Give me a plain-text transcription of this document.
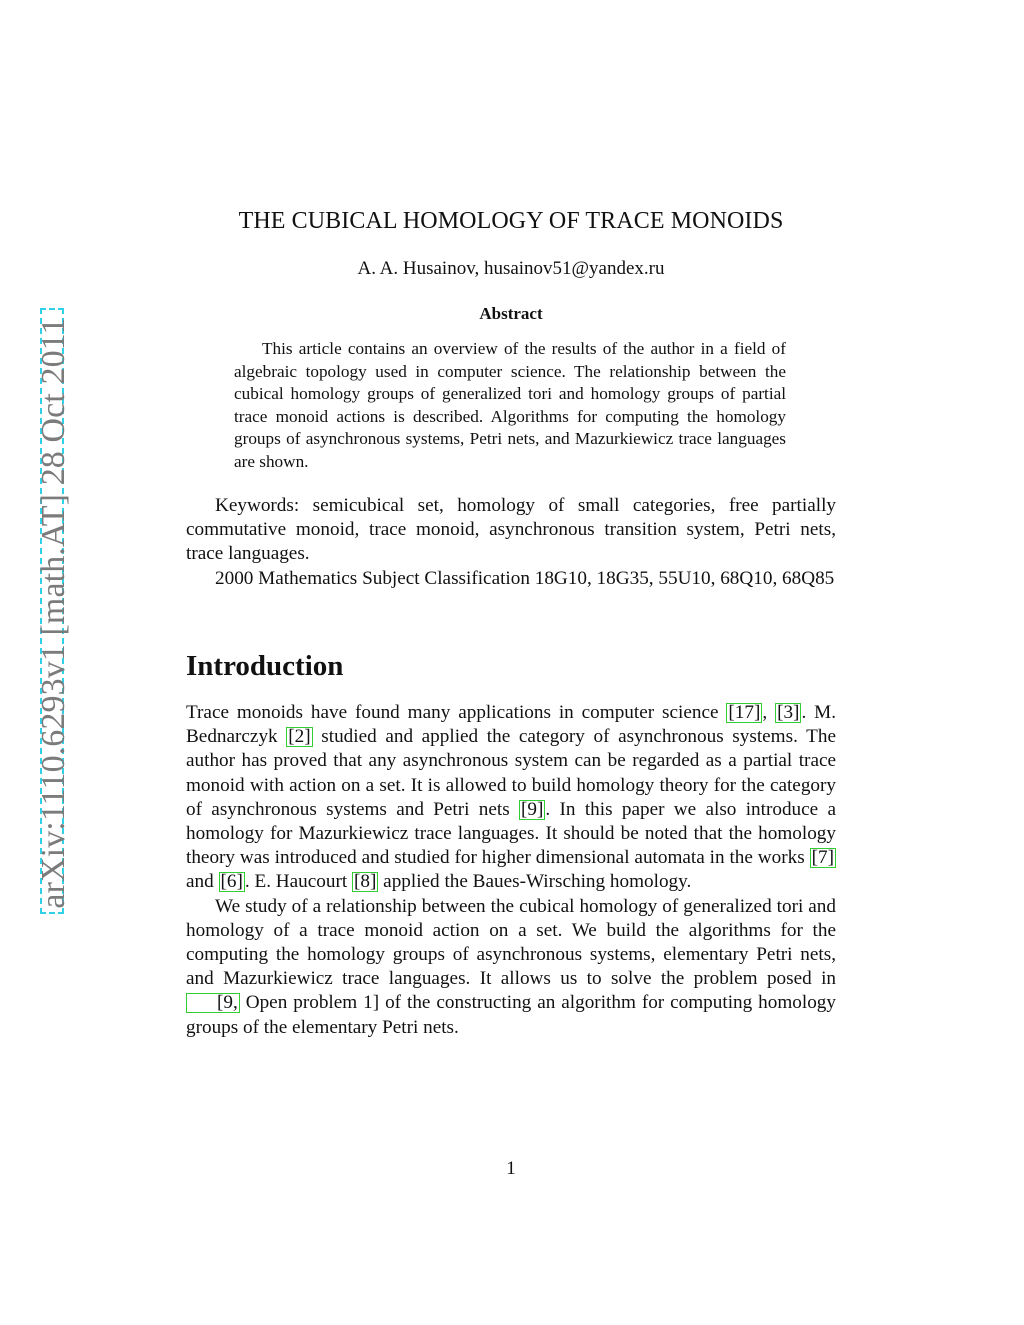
arXiv:1110.6293v1 [math.AT] 28 Oct 2011
THE CUBICAL HOMOLOGY OF TRACE MONOIDS
A. A. Husainov, husainov51@yandex.ru
Abstract
This article contains an overview of the results of the author in a field of algebraic topology used in computer science. The relationship between the cubical homology groups of generalized tori and homology groups of partial trace monoid actions is described. Algorithms for computing the homology groups of asynchronous systems, Petri nets, and Mazurkiewicz trace languages are shown.

Keywords: semicubical set, homology of small categories, free partially commutative monoid, trace monoid, asynchronous transition system, Petri nets, trace languages.

2000 Mathematics Subject Classification 18G10, 18G35, 55U10, 68Q10, 68Q85

Introduction

Trace monoids have found many applications in computer science [17] , [3] . M. Bednarczyk [2] studied and applied the category of asynchronous systems. The author has proved that any asynchronous system can be regarded as a partial trace monoid with action on a set. It is allowed to build homology theory for the category of asynchronous systems and Petri nets [9] . In this paper we also introduce a homology for Mazurkiewicz trace languages. It should be noted that the homology theory was introduced and studied for higher dimensional automata in the works [7] and [6] . E. Haucourt [8] applied the Baues-Wirsching homology.

We study of a relationship between the cubical homology of generalized tori and homology of a trace monoid action on a set. We build the algorithms for the computing the homology groups of asynchronous systems, elementary Petri nets, and Mazurkiewicz trace languages. It allows us to solve the problem posed in [9, Open problem 1] of the constructing an algorithm for computing homology groups of the elementary Petri nets.

1
